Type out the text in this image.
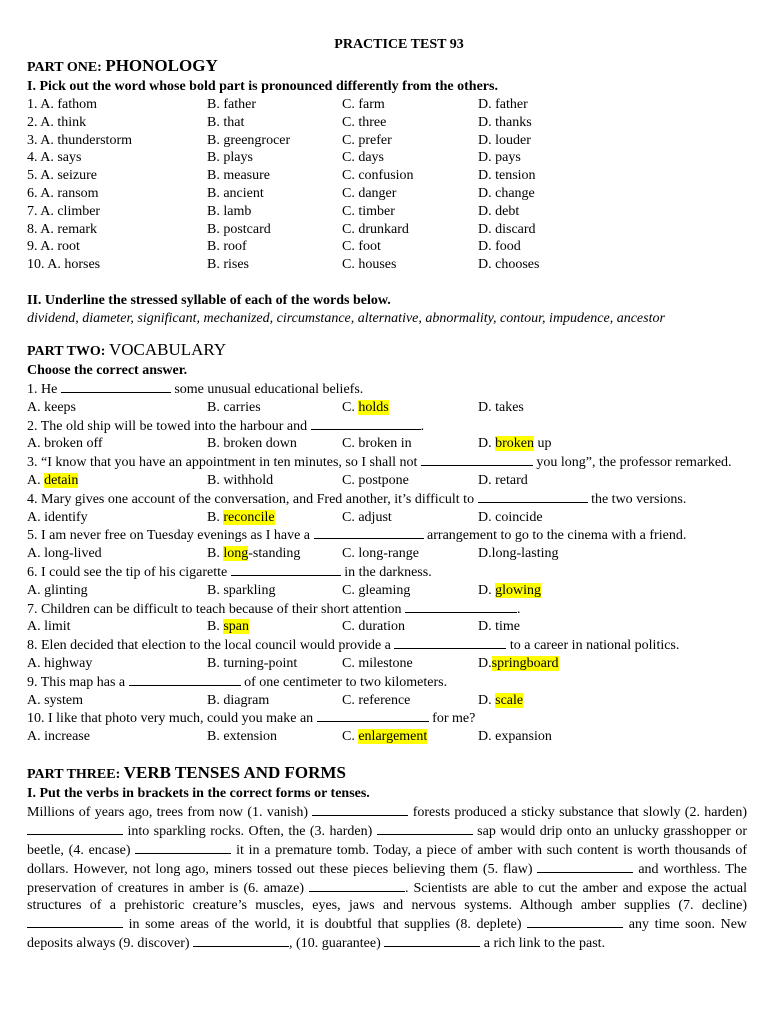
PRACTICE TEST 93

PART ONE: PHONOLOGY

I. Pick out the word whose bold part is pronounced differently from the others.

1. A. fathom	B. father	C. farm	D. father
2. A. think	B. that	C. three	D. thanks
3. A. thunderstorm	B. greengrocer	C. prefer	D. louder
4. A. says	B. plays	C. days	D. pays
5. A. seizure	B. measure	C. confusion	D. tension
6. A. ransom	B. ancient	C. danger	D. change
7. A. climber	B. lamb	C. timber	D. debt
8. A. remark	B. postcard	C. drunkard	D. discard
9. A. root	B. roof	C. foot	D. food
10. A. horses	B. rises	C. houses	D. chooses

II. Underline the stressed syllable of each of the words below.

dividend, diameter, significant, mechanized, circumstance, alternative, abnormality, contour, impudence, ancestor

PART TWO: VOCABULARY

Choose the correct answer.

1. He	some unusual educational beliefs.

A. keeps	B. carries	C. holds	D. takes

2. The old ship will be towed into the harbour and	.

A. broken off	B. broken down	C. broken in	D. broken up

3. “I know that you have an appointment in ten minutes, so I shall not	you long”, the professor remarked.

A. detain	B. withhold	C. postpone	D. retard

4. Mary gives one account of the conversation, and Fred another, it’s difficult to	the two versions.

A. identify	B. reconcile	C. adjust	D. coincide

5. I am never free on Tuesday evenings as I have a	arrangement to go to the cinema with a friend.

A. long-lived	B. long-standing	C. long-range	D.long-lasting

6. I could see the tip of his cigarette	in the darkness.

A. glinting	B. sparkling	C. gleaming	D. glowing

7. Children can be difficult to teach because of their short attention	.

A. limit	B. span	C. duration	D. time

8. Elen decided that election to the local council would provide a	to a career in national politics.

A. highway	B. turning-point	C. milestone	D.springboard

9. This map has a	of one centimeter to two kilometers.

A. system	B. diagram	C. reference	D. scale

10. I like that photo very much, could you make an	for me?

A. increase	B. extension	C. enlargement	D. expansion

PART THREE: VERB TENSES AND FORMS

I. Put the verbs in brackets in the correct forms or tenses.

Millions of years ago, trees from now (1. vanish)	forests produced a sticky substance that slowly (2. harden)  into sparkling rocks. Often, the (3. harden)	sap would drip onto an unlucky grasshopper or beetle, (4. encase)	it in a premature tomb. Today, a piece of amber with such content is worth thousands of dollars. However, not long ago, miners tossed out these pieces believing them (5. flaw)	and worthless. The preservation of creatures in amber is (6. amaze)	. Scientists are able to cut the amber and expose the actual structures of a prehistoric creature’s muscles, eyes, jaws and nervous systems. Although amber supplies (7. decline)  in some areas of the world, it is doubtful that supplies (8. deplete)	any time soon. New deposits always (9. discover)	, (10. guarantee)	a rich link to the past.
